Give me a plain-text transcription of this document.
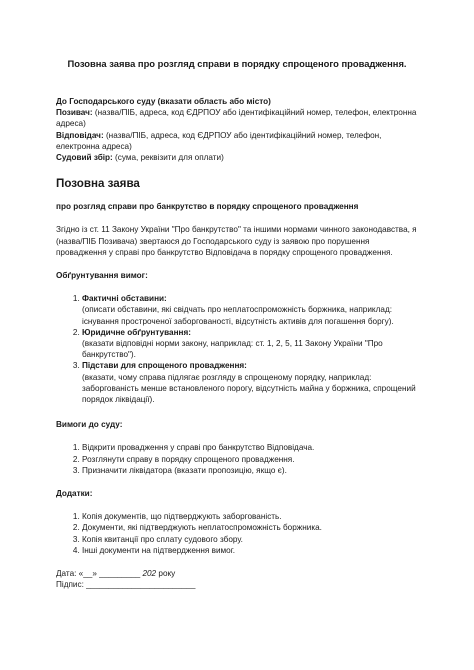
Позовна заява про розгляд справи в порядку спрощеного провадження.

До Господарського суду (вказати область або місто)

Позивач: (назва/ПІБ, адреса, код ЄДРПОУ або ідентифікаційний номер, телефон, електронна адреса)

Відповідач: (назва/ПІБ, адреса, код ЄДРПОУ або ідентифікаційний номер, телефон, електронна адреса)

Судовий збір: (сума, реквізити для оплати)

Позовна заява

про розгляд справи про банкрутство в порядку спрощеного провадження

Згідно із ст. 11 Закону України "Про банкрутство" та іншими нормами чинного законодавства, я (назва/ПІБ Позивача) звертаюся до Господарського суду із заявою про порушення провадження у справі про банкрутство Відповідача в порядку спрощеного провадження.

Обґрунтування вимог:
1. Фактичні обставини:
(описати обставини, які свідчать про неплатоспроможність боржника, наприклад: існування простроченої заборгованості, відсутність активів для погашення боргу).
2. Юридичне обґрунтування:
(вказати відповідні норми закону, наприклад: ст. 1, 2, 5, 11 Закону України "Про банкрутство").
3. Підстави для спрощеного провадження:
(вказати, чому справа підлягає розгляду в спрощеному порядку, наприклад: заборгованість менше встановленого порогу, відсутність майна у боржника, спрощений порядок ліквідації).
Вимоги до суду:
1. Відкрити провадження у справі про банкрутство Відповідача.
2. Розглянути справу в порядку спрощеного провадження.
3. Призначити ліквідатора (вказати пропозицію, якщо є).
Додатки:
1. Копія документів, що підтверджують заборгованість.
2. Документи, які підтверджують неплатоспроможність боржника.
3. Копія квитанції про сплату судового збору.
4. Інші документи на підтвердження вимог.

Дата: «__» _________ 202 року

Підпис: ________________________
